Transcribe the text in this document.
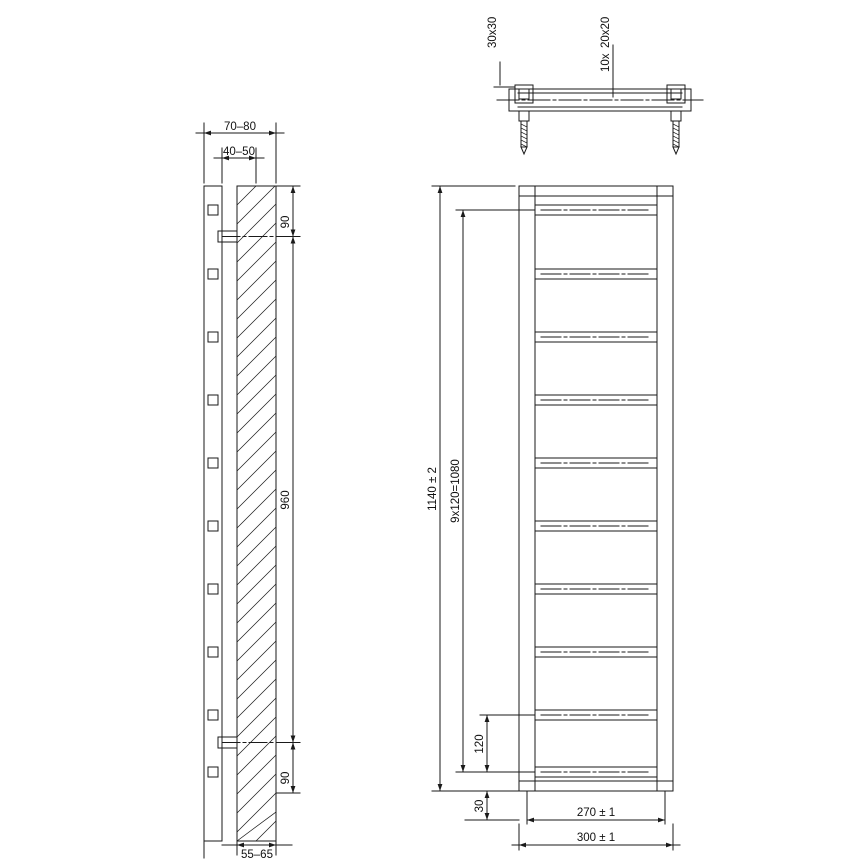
70–80
40–50
90
960
90
55–65
30x30
10x
20x20
1140 ± 2 9x120=1080
120
30
270 ± 1
300 ± 1
